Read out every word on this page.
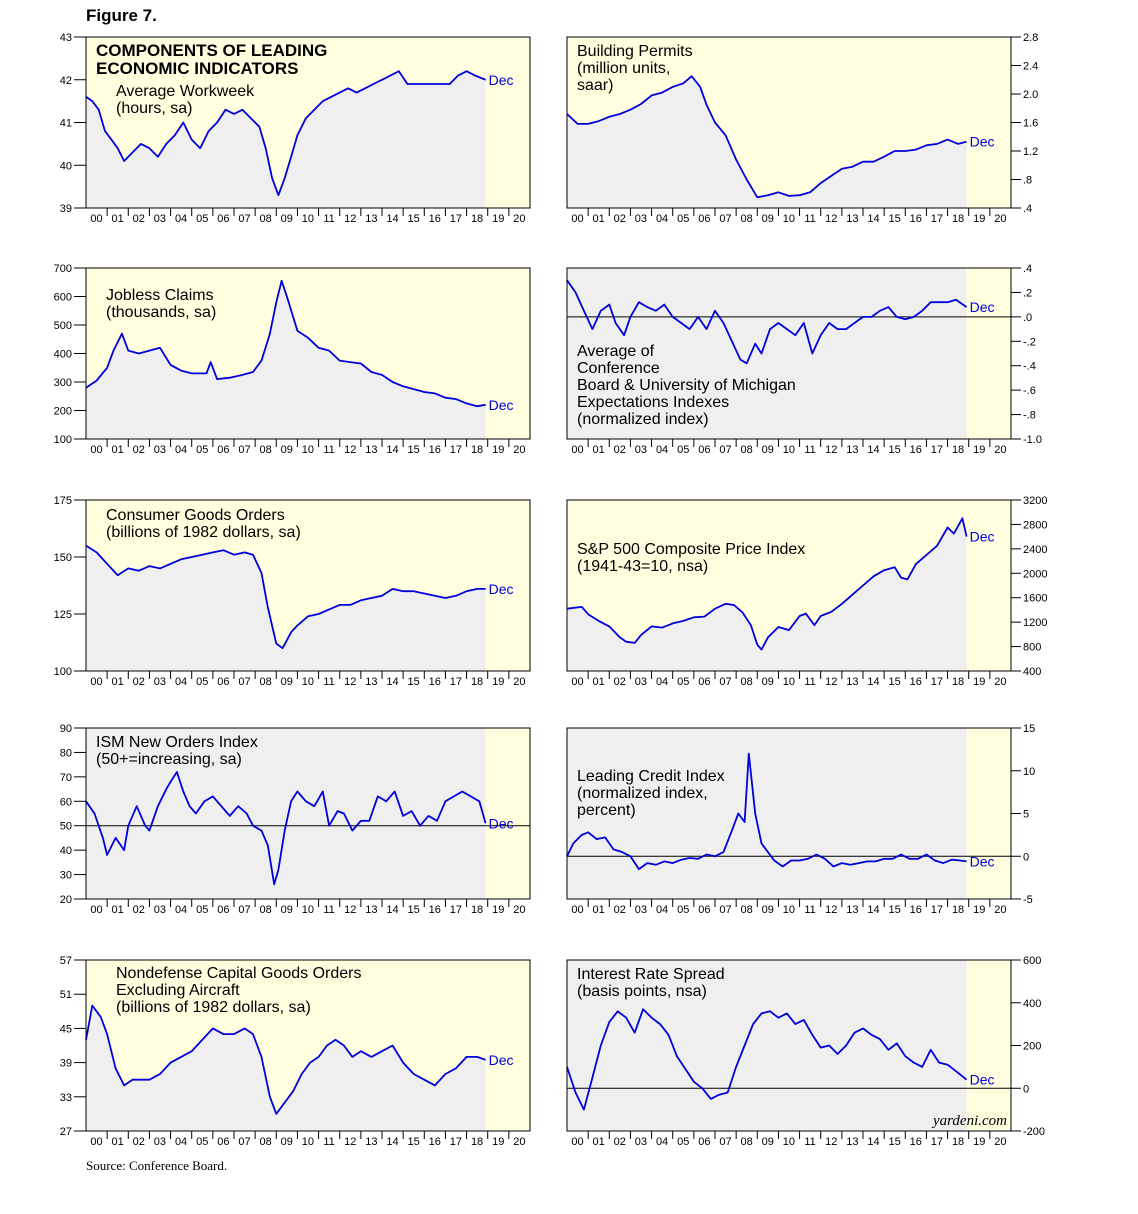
Figure 7.
00 01 02 03 04 05 06 07 08 09 10 11 12 13 14 15 16 17 18 19 20
39
40
41
42
43
COMPONENTS OF LEADING
ECONOMIC INDICATORS
Average Workweek
(hours, sa)
Dec
00 01 02 03 04 05 06 07 08 09 10 11 12 13 14 15 16 17 18 19 20
.4
.8
1.2
1.6
2.0
2.4
2.8
Building Permits
(million units,
saar)
Dec
00 01 02 03 04 05 06 07 08 09 10 11 12 13 14 15 16 17 18 19 20
100
200
300
400
500
600
700
Jobless Claims
(thousands, sa)
Dec
00 01 02 03 04 05 06 07 08 09 10 11 12 13 14 15 16 17 18 19 20
-1.0
-.8
-.6
-.4
-.2
.0
.2
.4
Average of
Conference
Board & University of Michigan
Expectations Indexes
(normalized index)
Dec
00 01 02 03 04 05 06 07 08 09 10 11 12 13 14 15 16 17 18 19 20
100
125
150
175
Consumer Goods Orders
(billions of 1982 dollars, sa)
Dec
00 01 02 03 04 05 06 07 08 09 10 11 12 13 14 15 16 17 18 19 20
400
800
1200
1600
2000
2400
2800
3200
S&P 500 Composite Price Index
(1941-43=10, nsa)
Dec
00 01 02 03 04 05 06 07 08 09 10 11 12 13 14 15 16 17 18 19 20
20
30
40
50
60
70
80
90
ISM New Orders Index
(50+=increasing, sa)
Dec
00 01 02 03 04 05 06 07 08 09 10 11 12 13 14 15 16 17 18 19 20
-5
0
5
10
15
Leading Credit Index
(normalized index,
percent)
Dec
00 01 02 03 04 05 06 07 08 09 10 11 12 13 14 15 16 17 18 19 20
27
33
39
45
51
57
Nondefense Capital Goods Orders
Excluding Aircraft
(billions of 1982 dollars, sa)
Dec
00 01 02 03 04 05 06 07 08 09 10 11 12 13 14 15 16 17 18 19 20
-200
0
200
400
600
Interest Rate Spread
(basis points, nsa)
Dec
yardeni.com
Source: Conference Board.
